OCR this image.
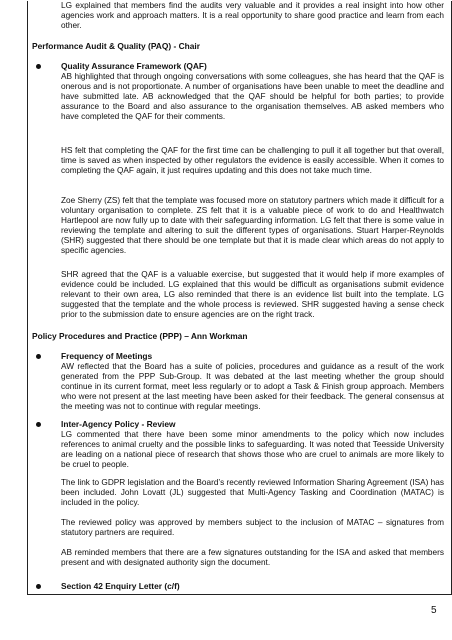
LG explained that members find the audits very valuable and it provides a real insight into how other agencies work and approach matters. It is a real opportunity to share good practice and learn from each other.

Performance Audit & Quality (PAQ) - Chair
Quality Assurance Framework (QAF)

AB highlighted that through ongoing conversations with some colleagues, she has heard that the QAF is onerous and is not proportionate. A number of organisations have been unable to meet the deadline and have submitted late. AB acknowledged that the QAF should be helpful for both parties; to provide assurance to the Board and also assurance to the organisation themselves. AB asked members who have completed the QAF for their comments.

HS felt that completing the QAF for the first time can be challenging to pull it all together but that overall, time is saved as when inspected by other regulators the evidence is easily accessible. When it comes to completing the QAF again, it just requires updating and this does not take much time.

Zoe Sherry (ZS) felt that the template was focused more on statutory partners which made it difficult for a voluntary organisation to complete. ZS felt that it is a valuable piece of work to do and Healthwatch Hartlepool are now fully up to date with their safeguarding information. LG felt that there is some value in reviewing the template and altering to suit the different types of organisations. Stuart Harper-Reynolds (SHR) suggested that there should be one template but that it is made clear which areas do not apply to specific agencies.

SHR agreed that the QAF is a valuable exercise, but suggested that it would help if more examples of evidence could be included. LG explained that this would be difficult as organisations submit evidence relevant to their own area, LG also reminded that there is an evidence list built into the template. LG suggested that the template and the whole process is reviewed. SHR suggested having a sense check prior to the submission date to ensure agencies are on the right track.

Policy Procedures and Practice (PPP) – Ann Workman
Frequency of Meetings

AW reflected that the Board has a suite of policies, procedures and guidance as a result of the work generated from the PPP Sub-Group. It was debated at the last meeting whether the group should continue in its current format, meet less regularly or to adopt a Task & Finish group approach. Members who were not present at the last meeting have been asked for their feedback. The general consensus at the meeting was not to continue with regular meetings.

Inter-Agency Policy - Review

LG commented that there have been some minor amendments to the policy which now includes references to animal cruelty and the possible links to safeguarding. It was noted that Teesside University are leading on a national piece of research that shows those who are cruel to animals are more likely to be cruel to people.

The link to GDPR legislation and the Board’s recently reviewed Information Sharing Agreement (ISA) has been included. John Lovatt (JL) suggested that Multi-Agency Tasking and Coordination (MATAC) is included in the policy.

The reviewed policy was approved by members subject to the inclusion of MATAC – signatures from statutory partners are required.

AB reminded members that there are a few signatures outstanding for the ISA and asked that members present and with designated authority sign the document.

Section 42 Enquiry Letter (c/f)
5
